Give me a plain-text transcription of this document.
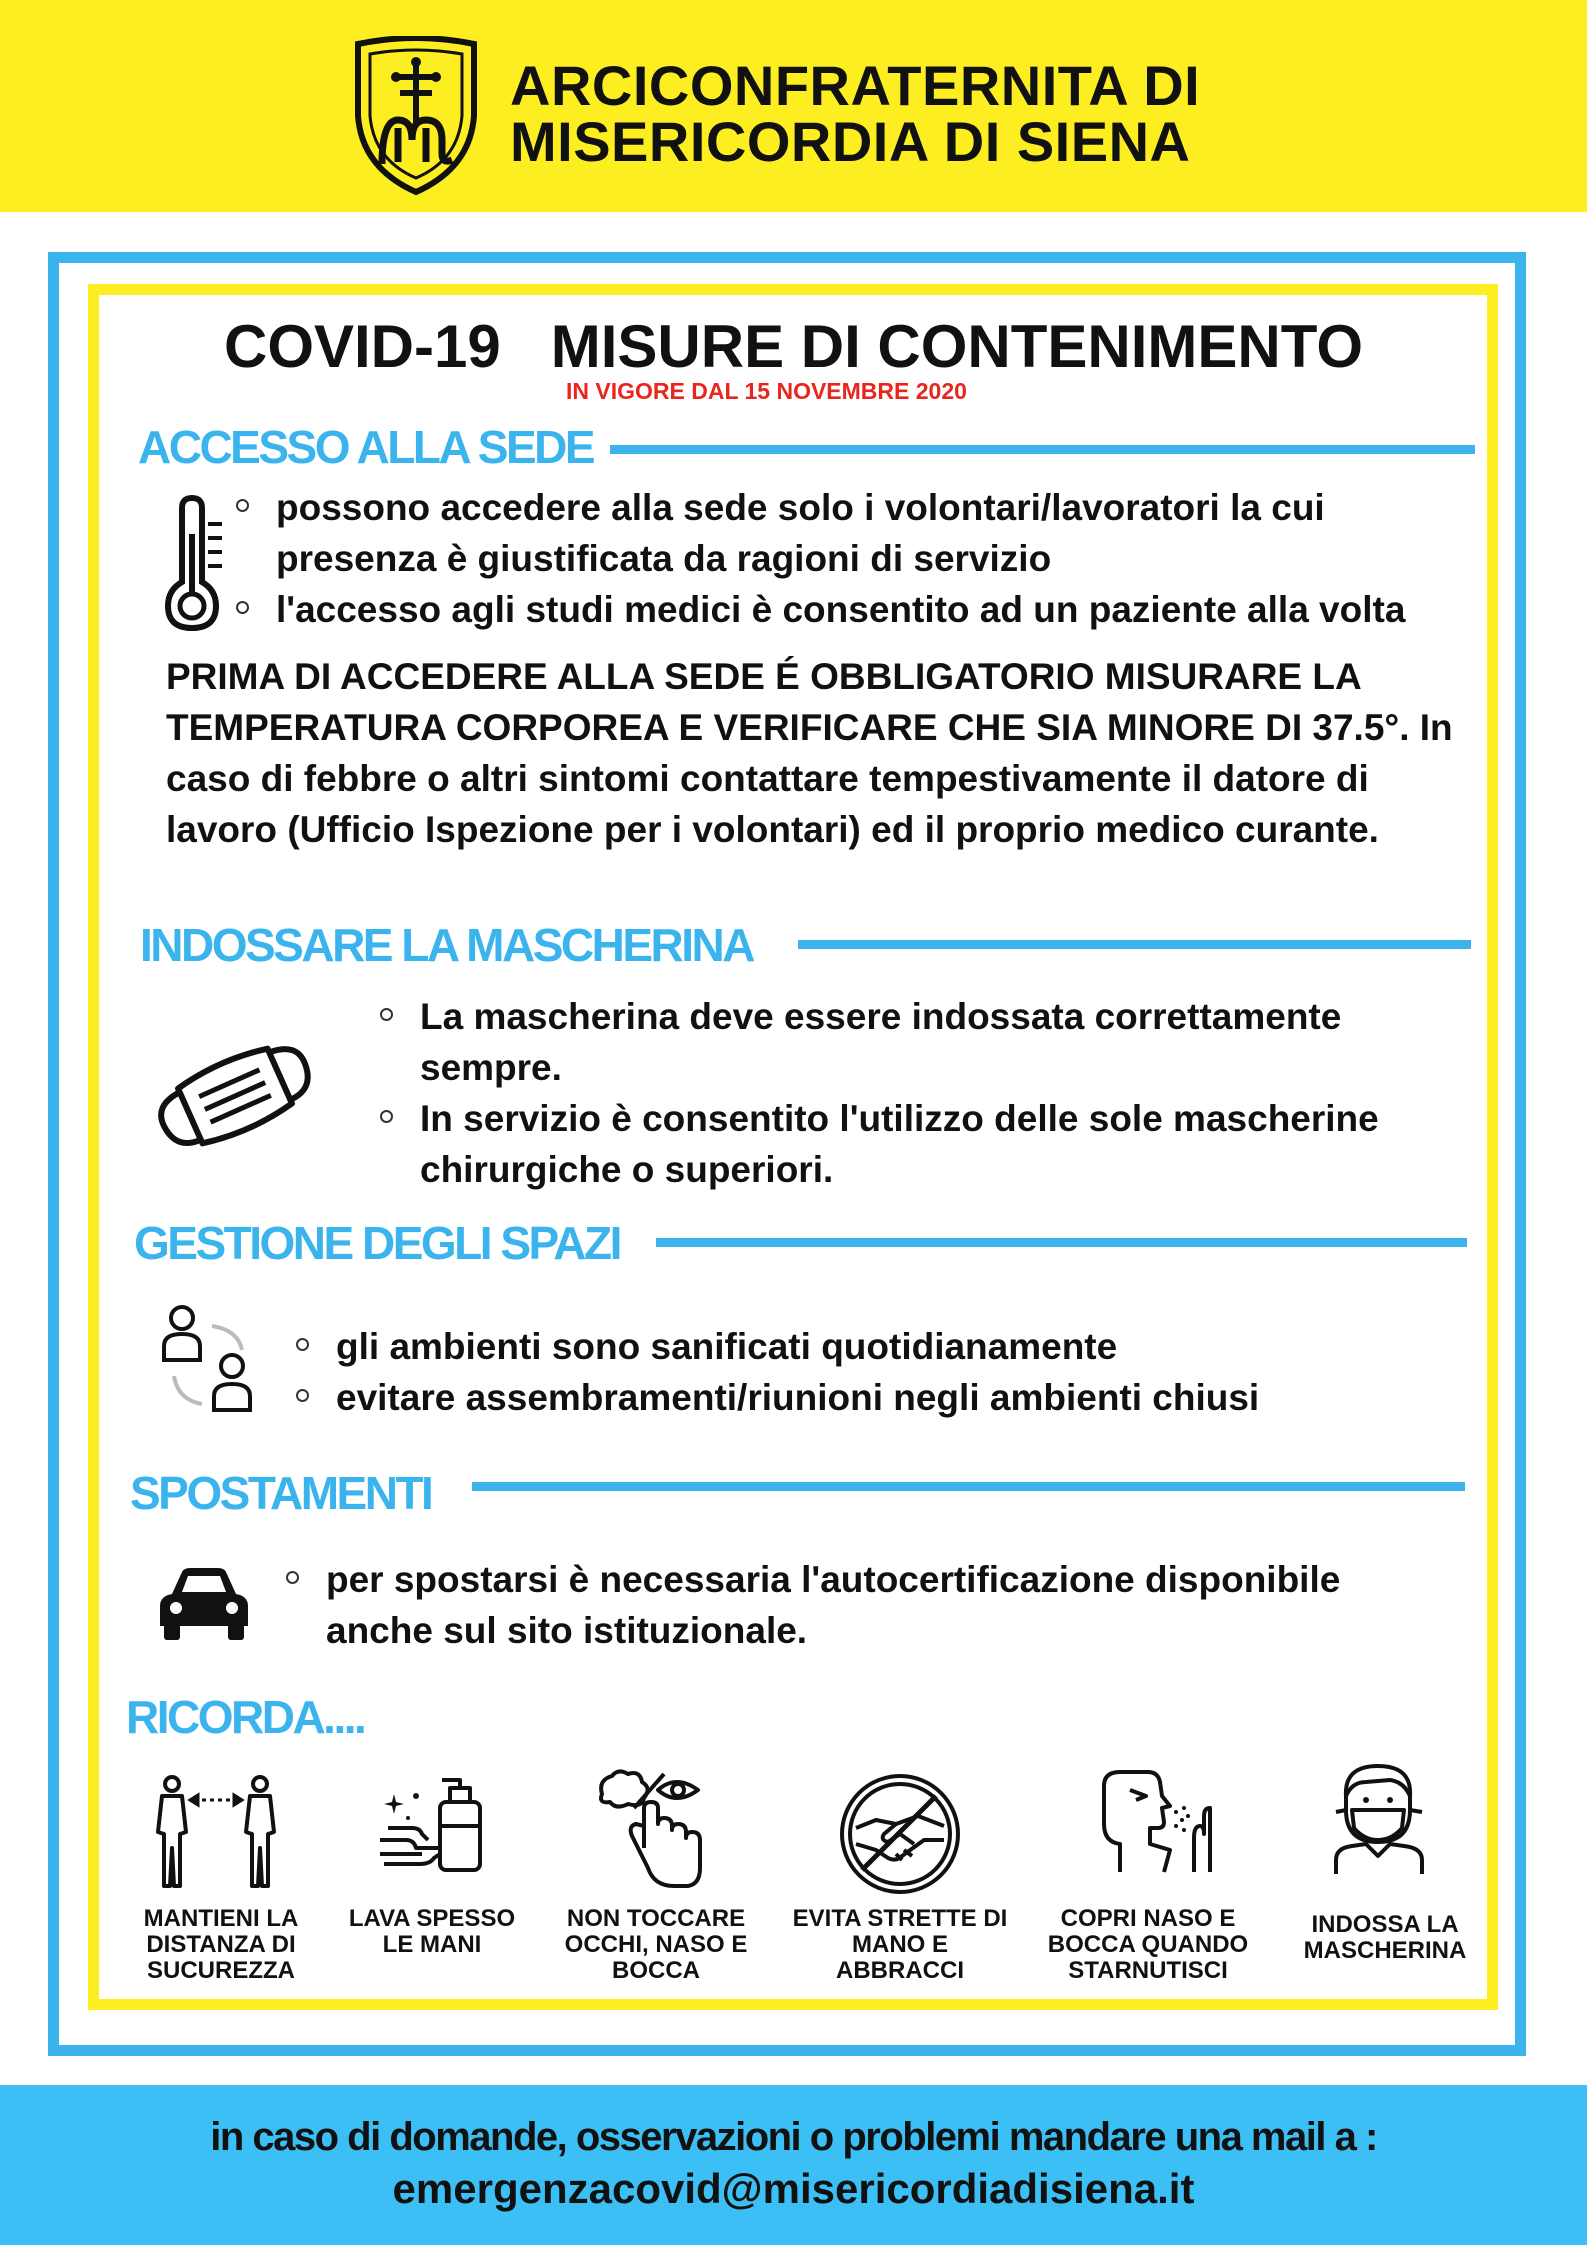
ARCICONFRATERNITA DI
MISERICORDIA DI SIENA
COVID-19   MISURE DI CONTENIMENTO
IN VIGORE DAL 15 NOVEMBRE 2020
ACCESSO ALLA SEDE
possono accedere alla sede solo i volontari/lavoratori la cui presenza è giustificata da ragioni di servizio
l'accesso agli studi medici è consentito ad un paziente alla volta
PRIMA DI ACCEDERE ALLA SEDE É OBBLIGATORIO MISURARE LA TEMPERATURA CORPOREA E VERIFICARE CHE SIA MINORE DI 37.5°. In caso di febbre o altri sintomi contattare tempestivamente il datore di lavoro (Ufficio Ispezione per i volontari) ed il proprio medico curante.
INDOSSARE LA MASCHERINA
La mascherina deve essere indossata correttamente sempre.
In servizio è consentito l'utilizzo delle sole mascherine chirurgiche o superiori.
GESTIONE DEGLI SPAZI
gli ambienti sono sanificati quotidianamente
evitare assembramenti/riunioni negli ambienti chiusi
SPOSTAMENTI
per spostarsi è necessaria l'autocertificazione disponibile anche sul sito istituzionale.
RICORDA....
MANTIENI LA DISTANZA DI SUCUREZZA
LAVA SPESSO LE MANI
NON TOCCARE OCCHI, NASO E BOCCA
EVITA STRETTE DI MANO E ABBRACCI
COPRI NASO E BOCCA QUANDO STARNUTISCI
INDOSSA LA MASCHERINA
in caso di domande, osservazioni o problemi mandare una mail a :
emergenzacovid@misericordiadisiena.it
